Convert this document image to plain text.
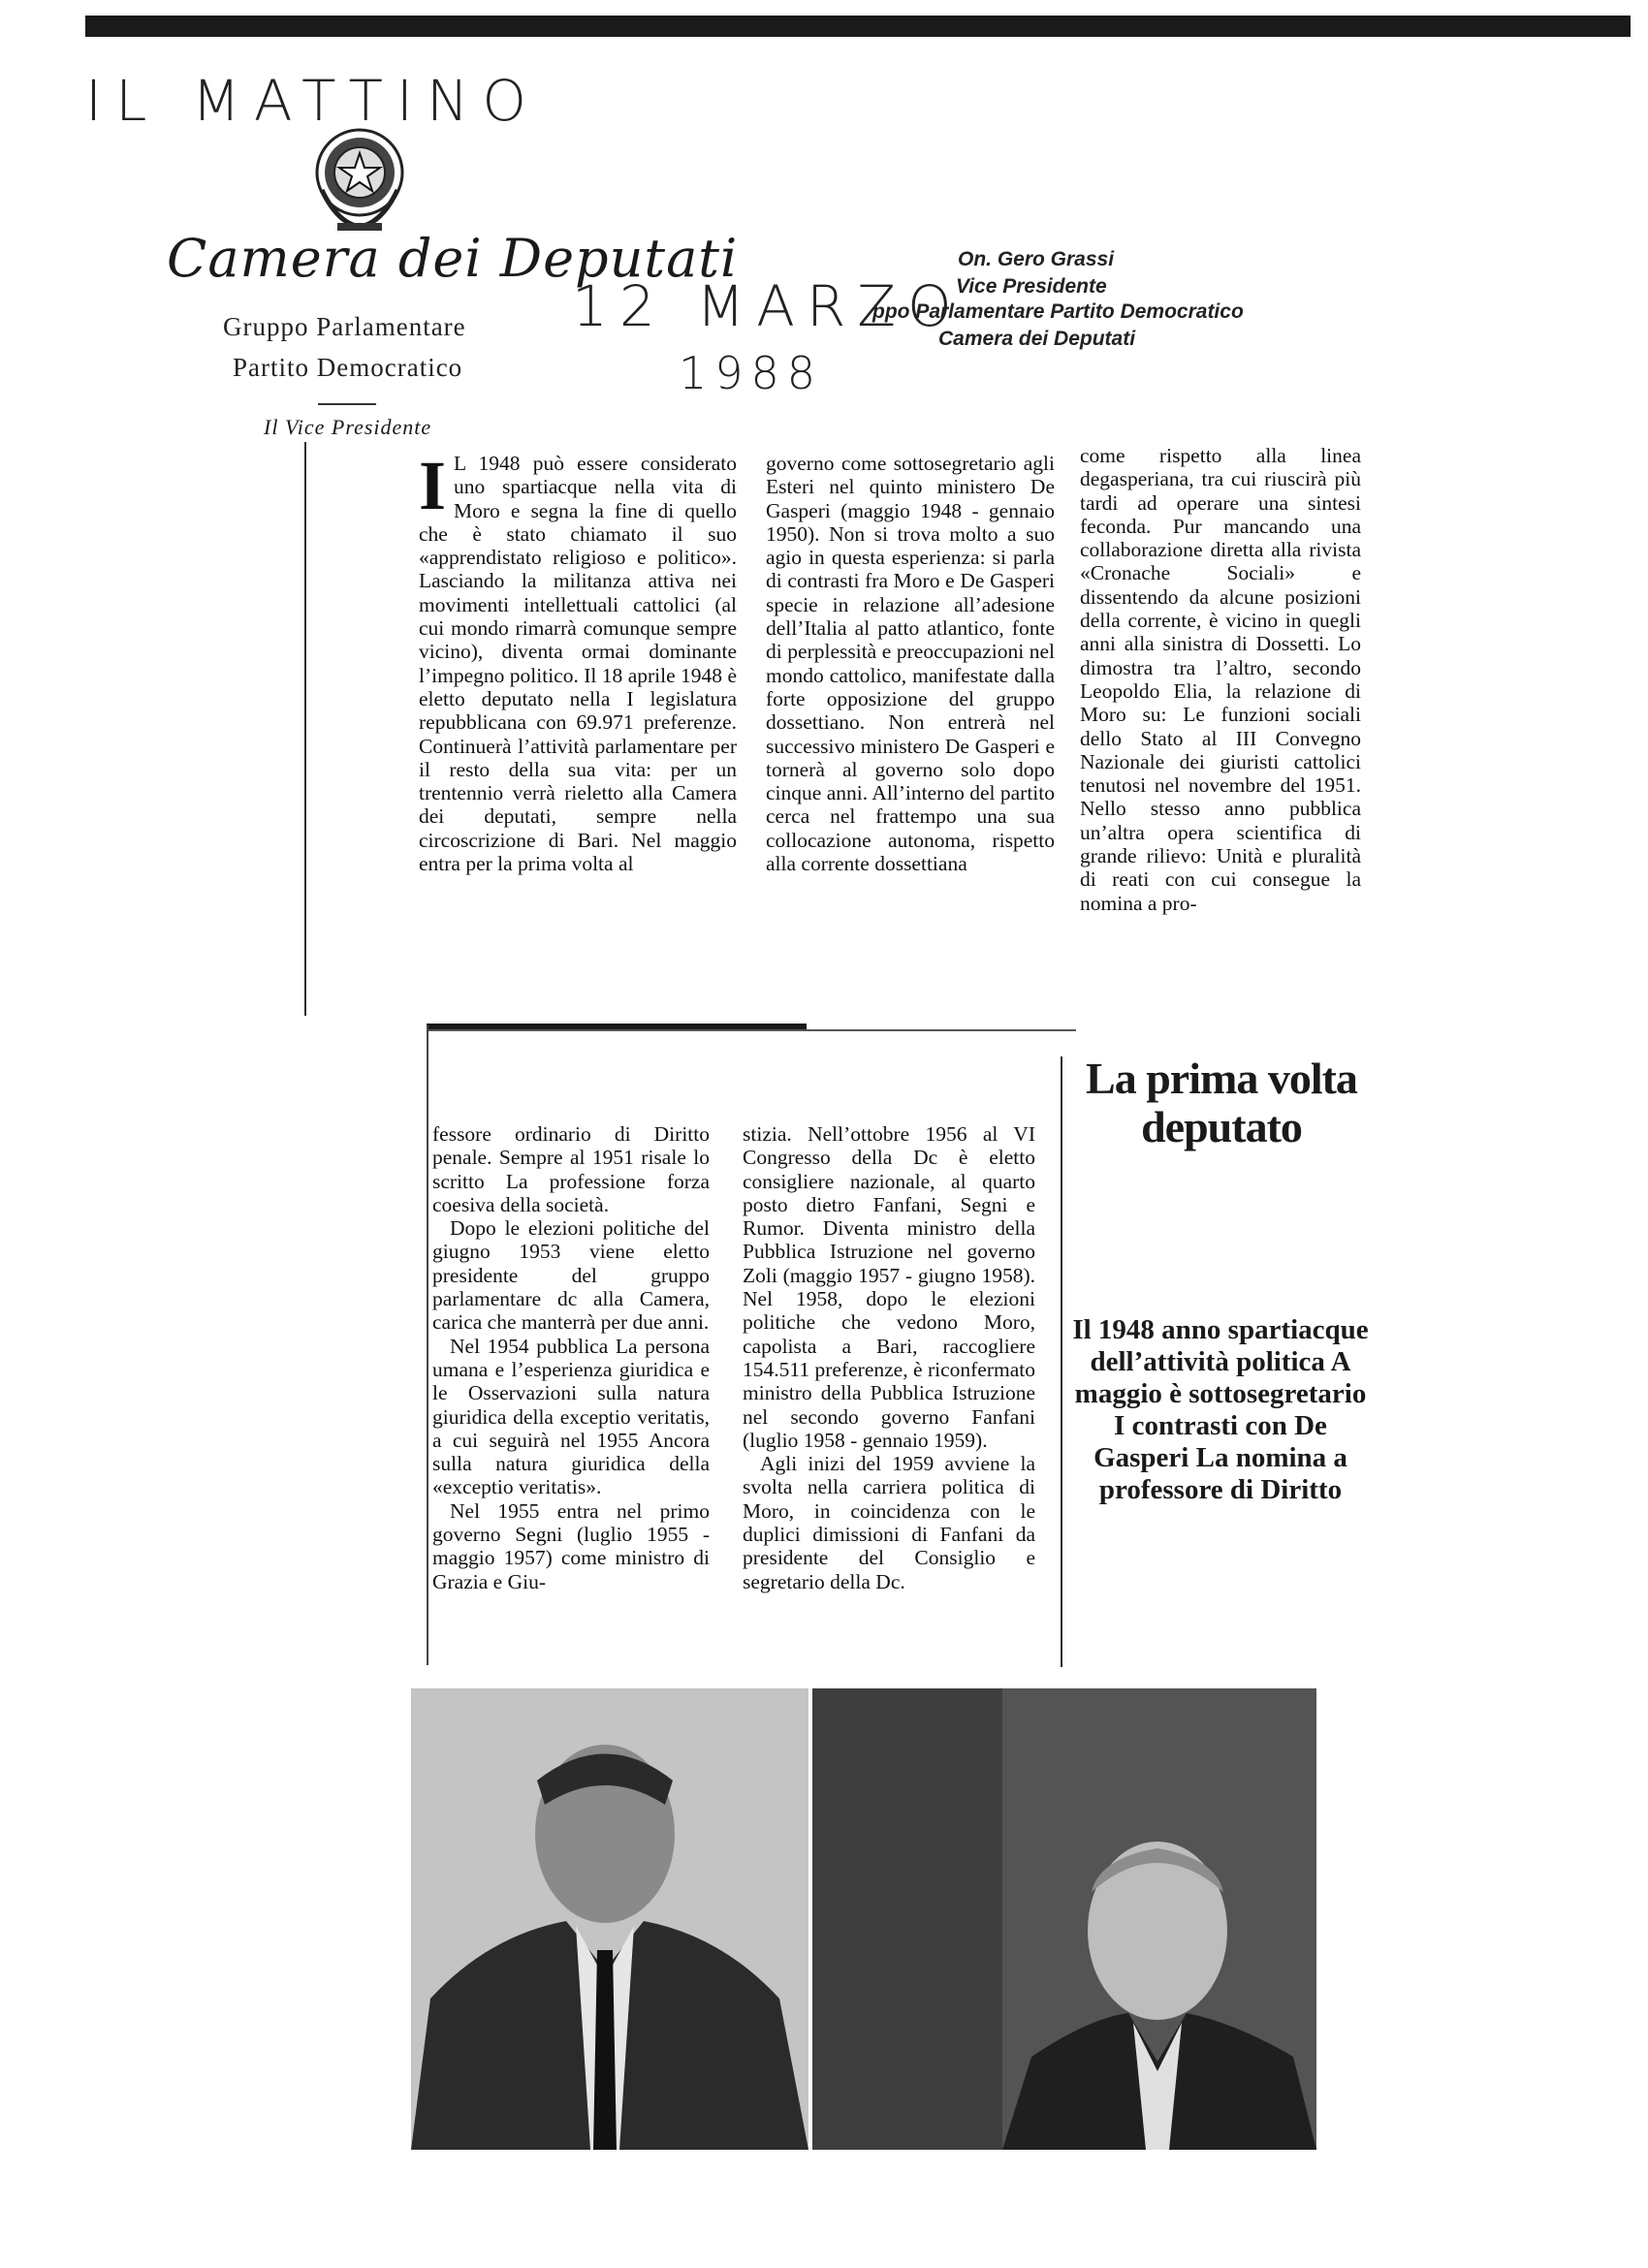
IL MATTINO
Camera dei Deputati
Gruppo Parlamentare
Partito Democratico
Il Vice Presidente
12 MARZO
1988
On. Gero Grassi
Vice Presidente
ppo Parlamentare Partito Democratico
Camera dei Deputati
I L 1948 può essere considerato uno spartiacque nella vita di Moro e segna la fine di quello che è stato chiamato il suo «apprendistato religioso e politico». Lasciando la militanza attiva nei movimenti intellettuali cattolici (al cui mondo rimarrà comunque sempre vicino), diventa ormai dominante l’impegno politico. Il 18 aprile 1948 è eletto deputato nella I legislatura repubblicana con 69.971 preferenze. Continuerà l’attività parlamentare per il resto della sua vita: per un trentennio verrà rieletto alla Camera dei deputati, sempre nella circoscrizione di Bari. Nel maggio entra per la prima volta al

governo come sottosegretario agli Esteri nel quinto ministero De Gasperi (maggio 1948 - gennaio 1950). Non si trova molto a suo agio in questa esperienza: si parla di contrasti fra Moro e De Gasperi specie in relazione all’adesione dell’Italia al patto atlantico, fonte di perplessità e preoccupazioni nel mondo cattolico, manifestate dalla forte opposizione del gruppo dossettiano. Non entrerà nel successivo ministero De Gasperi e tornerà al governo solo dopo cinque anni. All’interno del partito cerca nel frattempo una sua collocazione autonoma, rispetto alla corrente dossettiana

come rispetto alla linea degasperiana, tra cui riuscirà più tardi ad operare una sintesi feconda. Pur mancando una collaborazione diretta alla rivista «Cronache Sociali» e dissentendo da alcune posizioni della corrente, è vicino in quegli anni alla sinistra di Dossetti. Lo dimostra tra l’altro, secondo Leopoldo Elia, la relazione di Moro su: Le funzioni sociali dello Stato al III Convegno Nazionale dei giuristi cattolici tenutosi nel novembre del 1951. Nello stesso anno pubblica un’altra opera scientifica di grande rilievo: Unità e pluralità di reati con cui consegue la nomina a pro-

fessore ordinario di Diritto penale. Sempre al 1951 risale lo scritto La professione forza coesiva della società.

Dopo le elezioni politiche del giugno 1953 viene eletto presidente del gruppo parlamentare dc alla Camera, carica che manterrà per due anni.

Nel 1954 pubblica La persona umana e l’esperienza giuridica e le Osservazioni sulla natura giuridica della exceptio veritatis, a cui seguirà nel 1955 Ancora sulla natura giuridica della «exceptio veritatis».

Nel 1955 entra nel primo governo Segni (luglio 1955 - maggio 1957) come ministro di Grazia e Giu-

stizia. Nell’ottobre 1956 al VI Congresso della Dc è eletto consigliere nazionale, al quarto posto dietro Fanfani, Segni e Rumor. Diventa ministro della Pubblica Istruzione nel governo Zoli (maggio 1957 - giugno 1958). Nel 1958, dopo le elezioni politiche che vedono Moro, capolista a Bari, raccogliere 154.511 preferenze, è riconfermato ministro della Pubblica Istruzione nel secondo governo Fanfani (luglio 1958 - gennaio 1959).

Agli inizi del 1959 avviene la svolta nella carriera politica di Moro, in coincidenza con le duplici dimissioni di Fanfani da presidente del Consiglio e segretario della Dc.

La prima volta deputato
Il 1948 anno spartiacque dell’attività politica A maggio è sottosegretario I contrasti con De Gasperi La nomina a professore di Diritto
